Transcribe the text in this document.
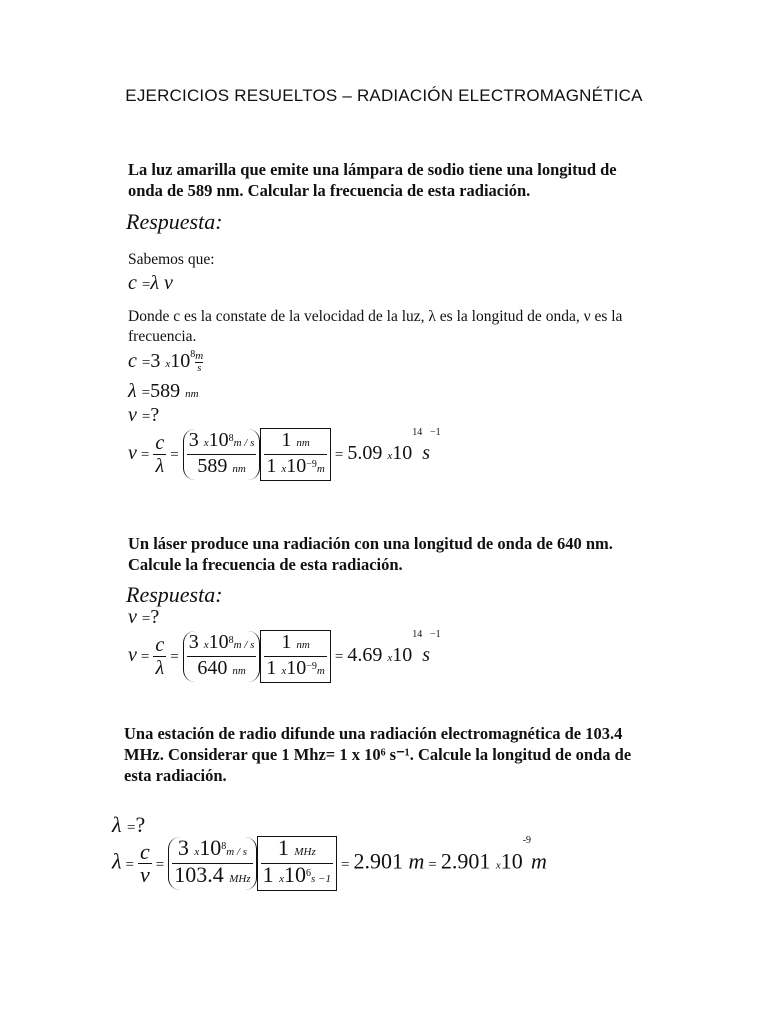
EJERCICIOS RESUELTOS – RADIACIÓN ELECTROMAGNÉTICA
La luz amarilla que emite una lámpara de sodio tiene una longitud de onda de 589 nm. Calcular la frecuencia de esta radiación.
Respuesta:
Sabemos que:
c =λ ν
Donde c es la constate de la velocidad de la luz, λ es la longitud de onda, ν es la frecuencia.
c =3 $x10^8 \frac{m}{s}$
λ =589 nm
ν =?
$\nu = \frac{c}{\lambda} = \frac{3 x10^8m / s}{589 nm} \frac{1 nm}{1 x10^{-9}m} = 5.09$ $x10^{14}s^{-1}$
Un láser produce una radiación con una longitud de onda de 640 nm. Calcule la frecuencia de esta radiación.
Respuesta:
ν =?
$\nu = \frac{c}{\lambda} = \frac{3 x10^8m / s}{640 nm} \frac{1 nm}{1 x10^{-9}m} = 4.69$ $x10^{14}s^{-1}$
Una estación de radio difunde una radiación electromagnética de 103.4 MHz. Considerar que 1 Mhz= 1 x 10⁶ s⁻¹. Calcule la longitud de onda de esta radiación.
λ =?
$\lambda = \frac{c}{\nu} = \frac{3 x10^8m / s}{\text{103.4 MHz}} \frac{\text{1 MHz}}{1 x10^6s -1} = 2.901$ m = 2.901 $x10^{-9}m$
